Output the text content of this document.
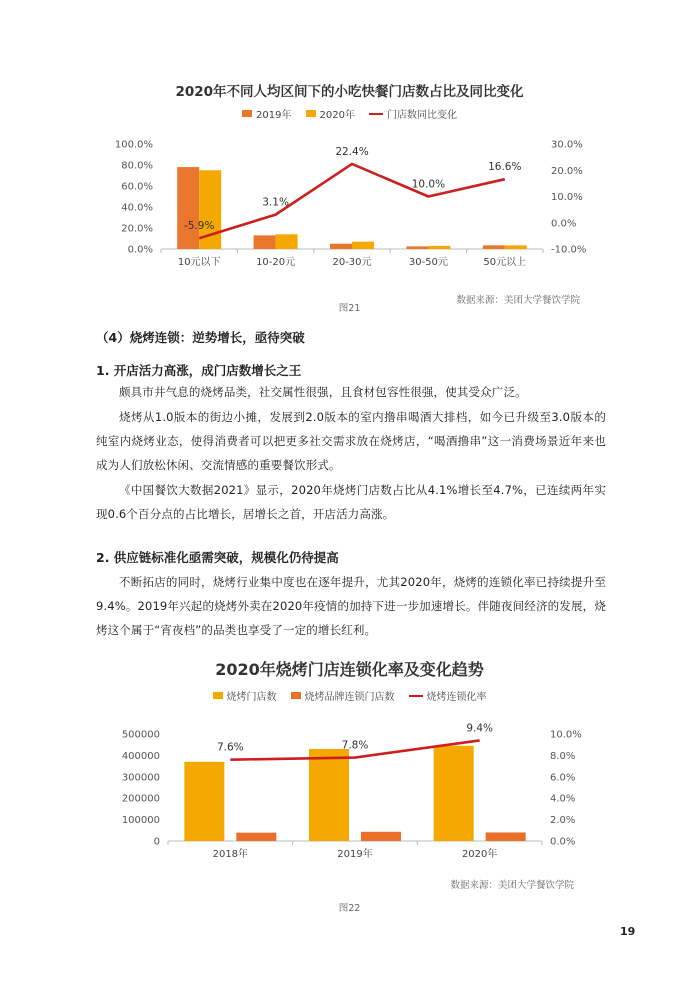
2020年不同人均区间下的小吃快餐门店数占比及同比变化
2019年	2020年	门店数同比变化
100.0%
80.0%
60.0%
40.0%
20.0%
0.0%
30.0%
20.0%
10.0%
0.0%
-10.0%
10元以下	10-20元	20-30元	30-50元	50元以上
-5.9%
3.1%
22.4%
10.0%
16.6%
数据来源：美团大学餐饮学院
图21
（4）烧烤连锁：逆势增长，亟待突破
1. 开店活力高涨，成门店数增长之王
颇具市井气息的烧烤品类，社交属性很强，且食材包容性很强，使其受众广泛。
烧烤从1.0版本的街边小摊，发展到2.0版本的室内撸串喝酒大排档，如今已升级至3.0版本的纯室内烧烤业态，使得消费者可以把更多社交需求放在烧烤店，“喝酒撸串”这一消费场景近年来也成为人们放松休闲、交流情感的重要餐饮形式。
《中国餐饮大数据2021》显示，2020年烧烤门店数占比从4.1%增长至4.7%，已连续两年实现0.6个百分点的占比增长，居增长之首，开店活力高涨。
2. 供应链标准化亟需突破，规模化仍待提高
不断拓店的同时，烧烤行业集中度也在逐年提升，尤其2020年，烧烤的连锁化率已持续提升至9.4%。2019年兴起的烧烤外卖在2020年疫情的加持下进一步加速增长。伴随夜间经济的发展，烧烤这个属于“宵夜档”的品类也享受了一定的增长红利。
2020年烧烤门店连锁化率及变化趋势
烧烤门店数	烧烤品牌连锁门店数	烧烤连锁化率
500000
400000
300000
200000
100000
0
10.0%
8.0%
6.0%
4.0%
2.0%
0.0%
2018年	2019年	2020年
7.6%	7.8%
9.4%
数据来源：美团大学餐饮学院
图22
19
